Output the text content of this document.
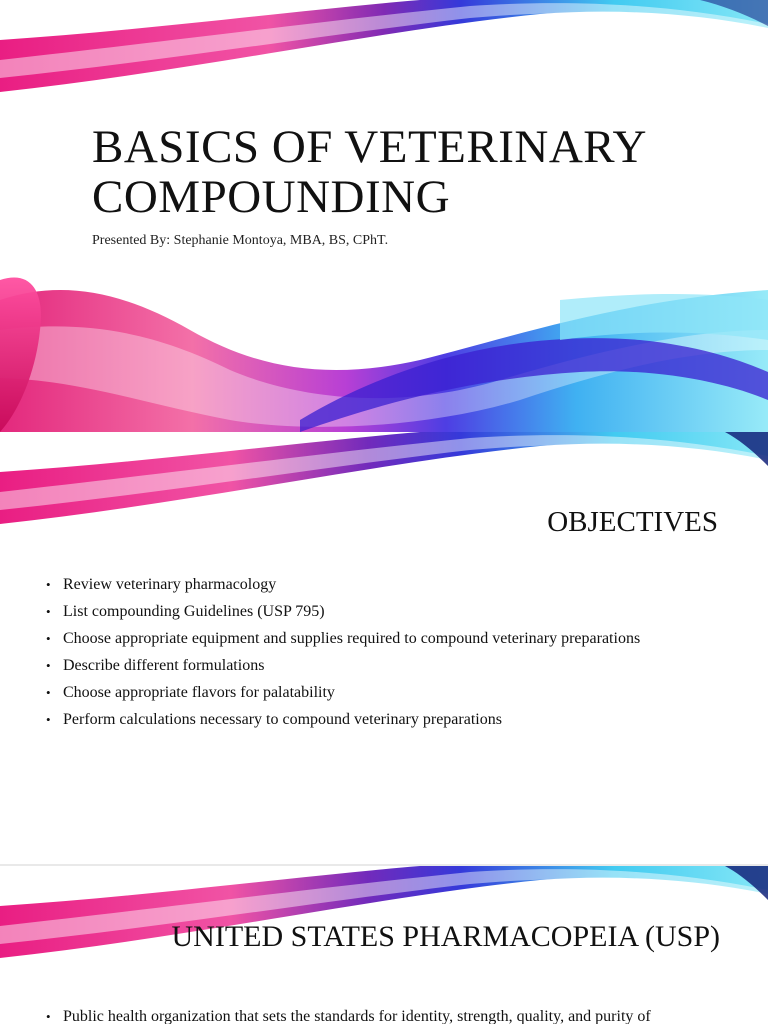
BASICS OF VETERINARY COMPOUNDING

Presented By: Stephanie Montoya, MBA, BS, CPhT.

OBJECTIVES
• Review veterinary pharmacology
• List compounding Guidelines (USP 795)
• Choose appropriate equipment and supplies required to compound veterinary preparations
• Describe different formulations
• Choose appropriate flavors for palatability
• Perform calculations necessary to compound veterinary preparations
UNITED STATES PHARMACOPEIA (USP)
• Public health organization that sets the standards for identity, strength, quality, and purity of
